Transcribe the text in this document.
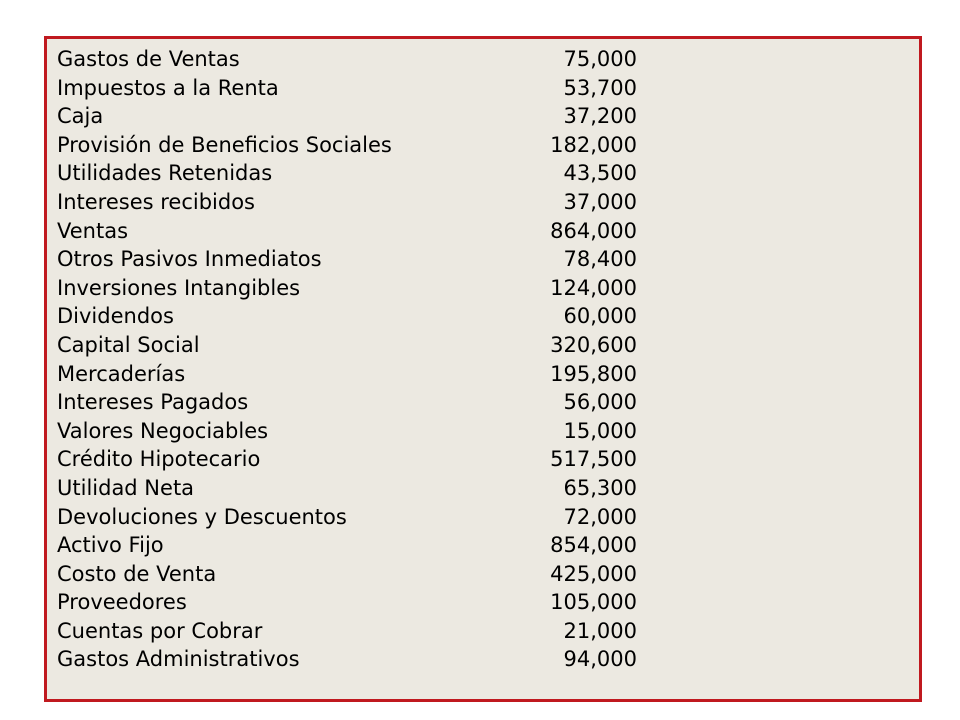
Gastos de Ventas	75,000
Impuestos a la Renta	53,700
Caja	37,200
Provisión de Beneficios Sociales	182,000
Utilidades Retenidas	43,500
Intereses recibidos	37,000
Ventas	864,000
Otros Pasivos Inmediatos	78,400
Inversiones Intangibles	124,000
Dividendos	60,000
Capital Social	320,600
Mercaderías	195,800
Intereses Pagados	56,000
Valores Negociables	15,000
Crédito Hipotecario	517,500
Utilidad Neta	65,300
Devoluciones y Descuentos	72,000
Activo Fijo	854,000
Costo de Venta	425,000
Proveedores	105,000
Cuentas por Cobrar	21,000
Gastos Administrativos	94,000
